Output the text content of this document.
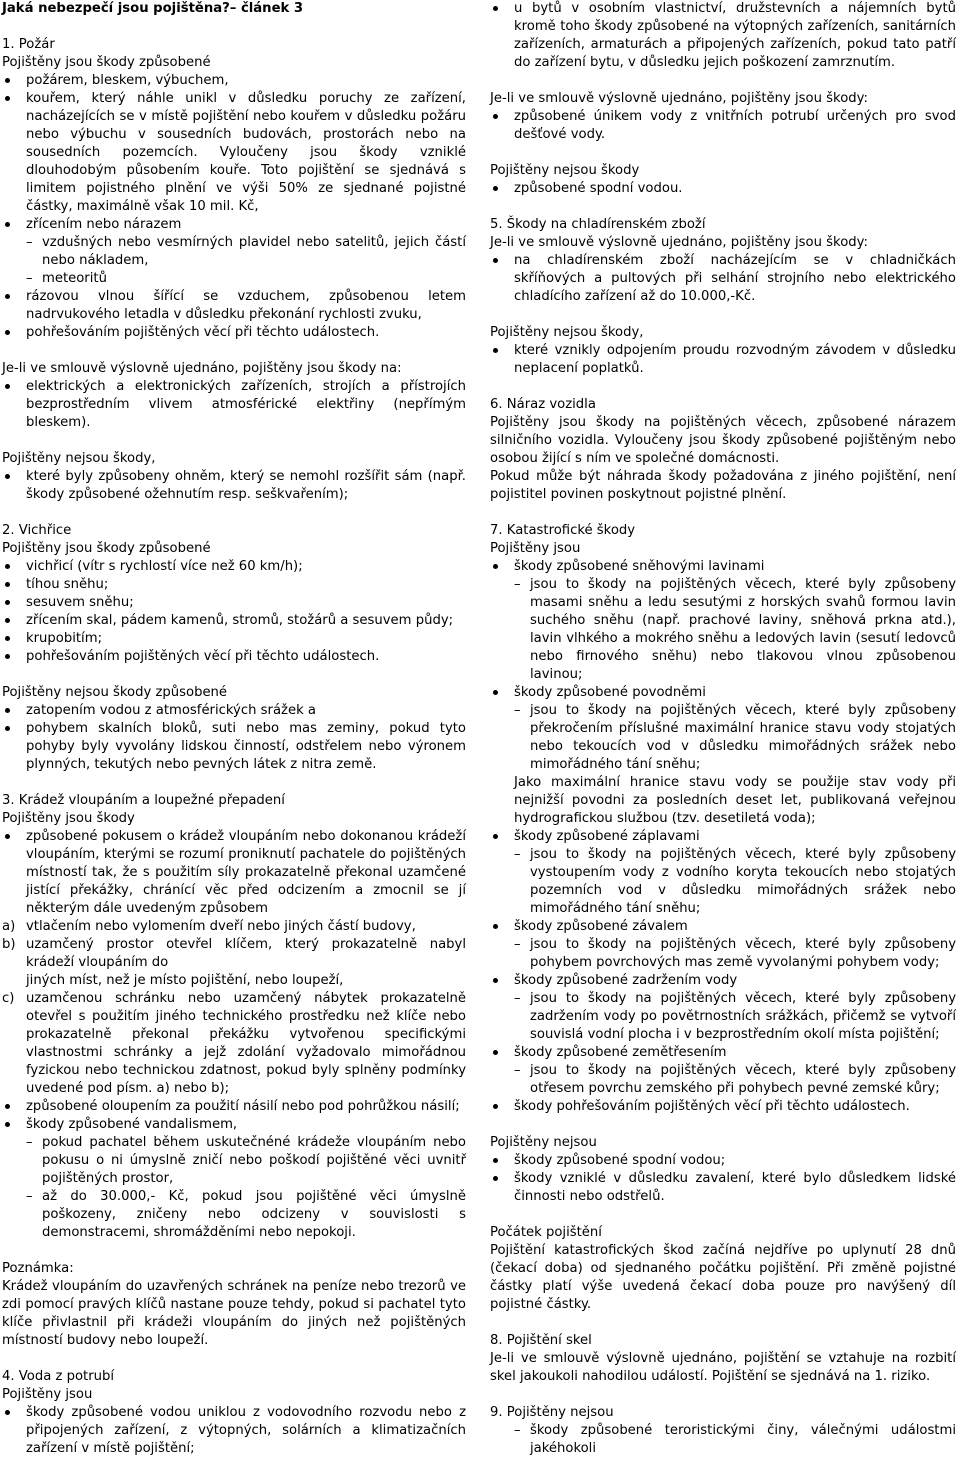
Jaká nebezpečí jsou pojištěna?– článek 3
1. Požár
Pojištěny jsou škody způsobené
požárem, bleskem, výbuchem,
kouřem, který náhle unikl v důsledku poruchy ze zařízení, nacházejících se v místě pojištění nebo kouřem v důsledku požáru nebo výbuchu v sousedních budovách, prostorách nebo na sousedních pozemcích. Vyloučeny jsou škody vzniklé dlouhodobým působením kouře. Toto pojištění se sjednává s limitem pojistného plnění ve výši 50% ze sjednané pojistné částky, maximálně však 10 mil. Kč,
zřícením nebo nárazem
– vzdušných nebo vesmírných plavidel nebo satelitů, jejich částí nebo nákladem,
– meteoritů
rázovou vlnou šířící se vzduchem, způsobenou letem nadrvukového letadla v důsledku překonání rychlosti zvuku,
pohřešováním pojištěných věcí při těchto událostech.
Je-li ve smlouvě výslovně ujednáno, pojištěny jsou škody na:
elektrických a elektronických zařízeních, strojích a přístrojích bezprostředním vlivem atmosférické elektřiny (nepřímým bleskem).
Pojištěny nejsou škody,
které byly způsobeny ohněm, který se nemohl rozšířit sám (např. škody způsobené ožehnutím resp. seškvařením);
2. Vichřice
Pojištěny jsou škody způsobené
vichřicí (vítr s rychlostí více než 60 km/h);
tíhou sněhu;
sesuvem sněhu;
zřícením skal, pádem kamenů, stromů, stožárů a sesuvem půdy;
krupobitím;
pohřešováním pojištěných věcí při těchto událostech.
Pojištěny nejsou škody způsobené
zatopením vodou z atmosférických srážek a
pohybem skalních bloků, suti nebo mas zeminy, pokud tyto pohyby byly vyvolány lidskou činností, odstřelem nebo výronem plynných, tekutých nebo pevných látek z nitra země.
3. Krádež vloupáním a loupežné přepadení
Pojištěny jsou škody
způsobené pokusem o krádež vloupáním nebo dokonanou krádeží vloupáním, kterými se rozumí proniknutí pachatele do pojištěných místností tak, že s použitím síly prokazatelně překonal uzamčené jistící překážky, chránící věc před odcizením a zmocnil se jí některým dále uvedeným způsobem
a) vtlačením nebo vylomením dveří nebo jiných částí budovy,
b) uzamčený prostor otevřel klíčem, který prokazatelně nabyl krádeží vloupáním do
jiných míst, než je místo pojištění, nebo loupeží,
c) uzamčenou schránku nebo uzamčený nábytek prokazatelně otevřel s použitím jiného technického prostředku než klíče nebo prokazatelně překonal překážku vytvořenou specifickými vlastnostmi schránky a jejž zdolání vyžadovalo mimořádnou fyzickou nebo technickou zdatnost, pokud byly splněny podmínky uvedené pod písm. a) nebo b);
způsobené oloupením za použití násilí nebo pod pohrůžkou násilí;
škody způsobené vandalismem,
– pokud pachatel během uskutečnéné krádeže vloupáním nebo pokusu o ni úmyslně zničí nebo poškodí pojištěné věci uvnitř pojištěných prostor,
– až do 30.000,- Kč, pokud jsou pojištěné věci úmyslně poškozeny, zničeny nebo odcizeny v souvislosti s demonstracemi, shromážděními nebo nepokoji.
Poznámka:
Krádež vloupáním do uzavřených schránek na peníze nebo trezorů ve zdi pomocí pravých klíčů nastane pouze tehdy, pokud si pachatel tyto klíče přivlastnil při krádeži vloupáním do jiných než pojištěných místností budovy nebo loupeží.
4. Voda z potrubí
Pojištěny jsou
škody způsobené vodou uniklou z vodovodního rozvodu nebo z připojených zařízení, z výtopných, solárních a klimatizačních zařízení v místě pojištění;
u bytů v osobním vlastnictví, družstevních a nájemních bytů kromě toho škody způsobené na výtopných zařízeních, sanitárních zařízeních, armaturách a připojených zařízeních, pokud tato patří do zařízení bytu, v důsledku jejich poškození zamrznutím.
Je-li ve smlouvě výslovně ujednáno, pojištěny jsou škody:
způsobené únikem vody z vnitřních potrubí určených pro svod dešťové vody.
Pojištěny nejsou škody
způsobené spodní vodou.
5. Škody na chladírenském zboží
Je-li ve smlouvě výslovně ujednáno, pojištěny jsou škody:
na chladírenském zboží nacházejícím se v chladničkách skříňových a pultových při selhání strojního nebo elektrického chladícího zařízení až do 10.000,-Kč.
Pojištěny nejsou škody,
které vznikly odpojením proudu rozvodným závodem v důsledku neplacení poplatků.
6. Náraz vozidla
Pojištěny jsou škody na pojištěných věcech, způsobené nárazem silničního vozidla. Vyloučeny jsou škody způsobené pojištěným nebo osobou žijící s ním ve společné domácnosti.
Pokud může být náhrada škody požadována z jiného pojištění, není pojistitel povinen poskytnout pojistné plnění.
7. Katastrofické škody
Pojištěny jsou
škody způsobené sněhovými lavinami
– jsou to škody na pojištěných věcech, které byly způsobeny masami sněhu a ledu sesutými z horských svahů formou lavin suchého sněhu (např. prachové laviny, sněhová prkna atd.), lavin vlhkého a mokrého sněhu a ledových lavin (sesutí ledovců nebo firnového sněhu) nebo tlakovou vlnou způsobenou lavinou;
škody způsobené povodněmi
– jsou to škody na pojištěných věcech, které byly způsobeny překročením příslušné maximální hranice stavu vody stojatých nebo tekoucích vod v důsledku mimořádných srážek nebo mimořádného tání sněhu;
Jako maximální hranice stavu vody se použije stav vody při nejnižší povodni za posledních deset let, publikovaná veřejnou hydrografickou službou (tzv. desetiletá voda);
škody způsobené záplavami
– jsou to škody na pojištěných věcech, které byly způsobeny vystoupením vody z vodního koryta tekoucích nebo stojatých pozemních vod v důsledku mimořádných srážek nebo mimořádného tání sněhu;
škody způsobené závalem
– jsou to škody na pojištěných věcech, které byly způsobeny pohybem povrchových mas země vyvolanými pohybem vody;
škody způsobené zadržením vody
– jsou to škody na pojištěných věcech, které byly způsobeny zadržením vody po povětrnostních srážkách, přičemž se vytvoří souvislá vodní plocha i v bezprostředním okolí místa pojištění;
škody způsobené zemětřesením
– jsou to škody na pojištěných věcech, které byly způsobeny otřesem povrchu zemského při pohybech pevné zemské kůry;
škody pohřešováním pojištěných věcí při těchto událostech.
Pojištěny nejsou
škody způsobené spodní vodou;
škody vzniklé v důsledku zavalení, které bylo důsledkem lidské činnosti nebo odstřelů.
Počátek pojištění
Pojištění katastrofických škod začíná nejdříve po uplynutí 28 dnů (čekací doba) od sjednaného počátku pojištění. Při změně pojistné částky platí výše uvedená čekací doba pouze pro navýšený díl pojistné částky.
8. Pojištění skel
Je-li ve smlouvě výslovně ujednáno, pojištění se vztahuje na rozbití skel jakoukoli nahodilou událostí. Pojištění se sjednává na 1. riziko.
9. Pojištěny nejsou
– škody způsobené teroristickými činy, válečnými událostmi jakéhokoli
